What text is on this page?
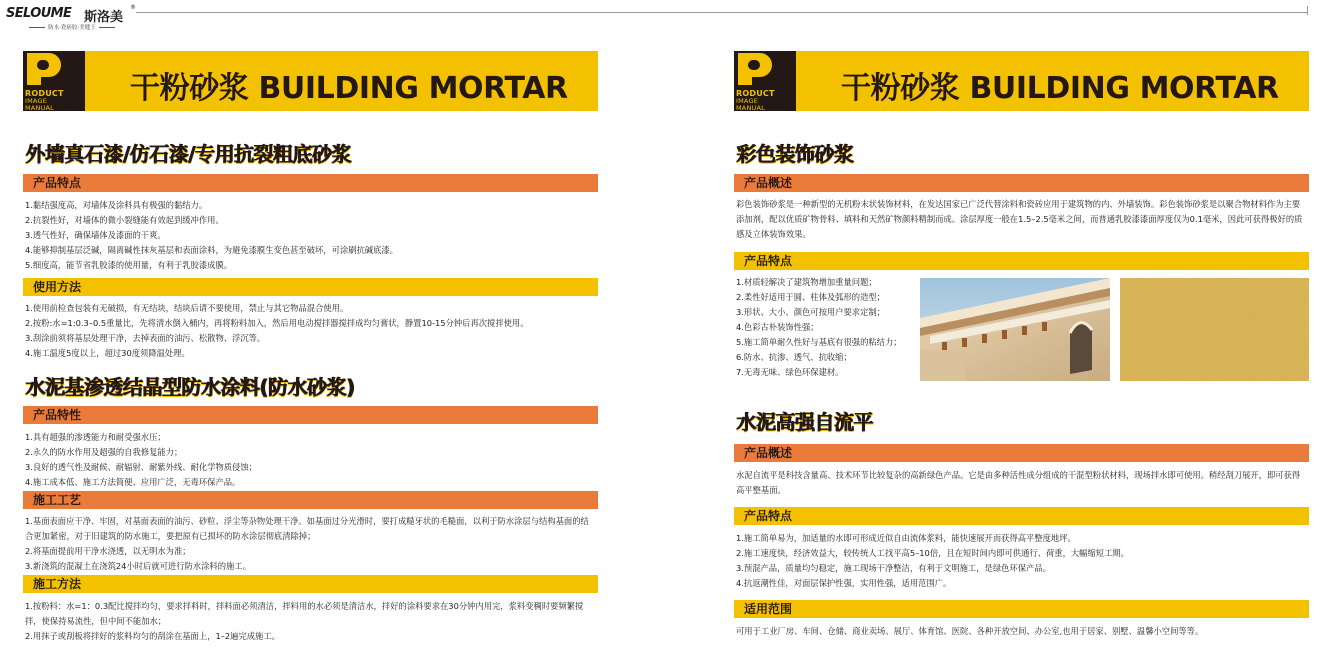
SELOUME 斯洛美
®
防水·瓷砖胶·美缝王
RODUCT
IMAGE
MANUAL
干粉砂浆 BUILDING MORTAR
外墙真石漆/仿石漆/专用抗裂粗底砂浆
产品特点

1.黏结强度高，对墙体及涂料具有极强的黏结力。

2.抗裂性好，对墙体的微小裂缝能有效起到缓冲作用。

3.透气性好，确保墙体及漆面的干爽。

4.能够抑制基层泛碱，隔离碱性抹灰基层和表面涂料，为避免漆膜生变色甚至破坏，可涂刷抗碱底漆。

5.细度高，能节省乳胶漆的使用量，有利于乳胶漆成膜。

使用方法

1.使用前检查包装有无破损，有无结块，结块后请不要使用，禁止与其它物品混合使用。

2.按粉:水=1:0.3–0.5重量比，先将清水倒入桶内，再将粉料加入，然后用电动搅拌器搅拌成均匀膏状，静置10-15分钟后再次搅拌使用。

3.刮涂前须将基层处理干净，去掉表面的油污、松散物、浮沉等。

4.施工温度5度以上，超过30度须降温处理。

水泥基渗透结晶型防水涂料(防水砂浆)
产品特性

1.具有超强的渗透能力和耐受强水压；

2.永久的防水作用及超强的自我修复能力；

3.良好的透气性及耐候、耐辐射、耐紫外线、耐化学物质侵蚀；

4.施工成本低、施工方法简便、应用广泛，无毒环保产品。

施工工艺

1.基面表面应干净、牢固，对基面表面的油污、砂粒、浮尘等杂物处理干净。如基面过分光滑时，要打成糙牙状的毛糙面，以利于防水涂层与结构基面的结合更加紧密，对于旧建筑的防水施工，要把原有已损坏的防水涂层彻底清除掉；

2.将基面提前用干净水浇透，以无明水为准；

3.新浇筑的混凝土在浇筑24小时后就可进行防水涂料的施工。

施工方法

1.按粉料：水=1：0.3配比搅拌均匀，要求拌料时，拌料面必须清洁，拌料用的水必须是清洁水，拌好的涂料要求在30分钟内用完，浆料变稠时要频繁搅拌，使保持易流性，但中间不能加水；

2.用抹子或刮板将拌好的浆料均匀的刮涂在基面上，1–2遍完成施工。

RODUCT
IMAGE
MANUAL
干粉砂浆 BUILDING MORTAR
彩色装饰砂浆
产品概述
彩色装饰砂浆是一种新型的无机粉末状装饰材料，在发达国家已广泛代替涂料和瓷砖应用于建筑物的内、外墙装饰。彩色装饰砂浆是以聚合物材料作为主要添加剂，配以优质矿物骨料、填料和天然矿物颜料精制而成。涂层厚度一般在1.5–2.5毫米之间，而普通乳胶漆漆面厚度仅为0.1毫米，因此可获得极好的质感及立体装饰效果。
产品特点

1.材质轻解决了建筑物增加重量问题；

2.柔性好适用于圆、柱体及弧形的造型；

3.形状、大小、颜色可按用户要求定制；

4.色彩古朴装饰性强；

5.施工简单耐久性好与基底有很强的粘结力；

6.防水、抗渗、透气、抗收缩；

7.无毒无味、绿色环保建材。

水泥高强自流平
产品概述
水泥自流平是科技含量高、技术环节比较复杂的高新绿色产品。它是由多种活性成分组成的干混型粉状材料，现场拌水即可使用。稍经刮刀展开，即可获得高平整基面。
产品特点

1.施工简单易为，加适量的水即可形成近似自由流体浆料，能快速展开而获得高平整度地坪。

2.施工速度快，经济效益大，较传统人工找平高5–10倍，且在短时间内即可供通行、荷重，大幅缩短工期。

3.预混产品，质量均匀稳定，施工现场干净整洁，有利于文明施工，是绿色环保产品。

4.抗返潮性佳，对面层保护性强，实用性强，适用范围广。

适用范围
可用于工业厂房、车间、仓储、商业卖场、展厅、体育馆、医院、各种开放空间、办公室,也用于居家、别墅、温馨小空间等等。
